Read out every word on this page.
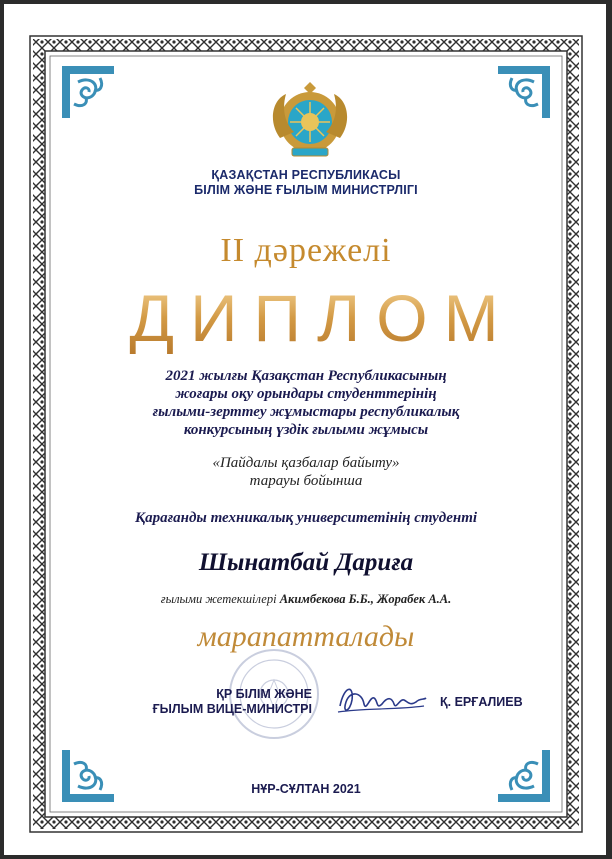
ҚАЗАҚСТАН РЕСПУБЛИКАСЫ
БІЛІМ ЖӘНЕ ҒЫЛЫМ МИНИСТРЛІГІ
II дәрежелі
ДИПЛОМ
2021 жылғы Қазақстан Республикасының
жоғары оқу орындары студенттерінің
ғылыми-зерттеу жұмыстары республикалық
конкурсының үздік ғылыми жұмысы
«Пайдалы қазбалар байыту»
тарауы бойынша
Қарағанды техникалық университетінің студенті
Шынатбай Дариға
ғылыми жетекшілері Акимбекова Б.Б., Жорабек А.А.
марапатталады
ҚР БІЛІМ ЖӘНЕ
ҒЫЛЫМ ВИЦЕ-МИНИСТРІ	Қ. ЕРҒАЛИЕВ
НҰР-СҰЛТАН 2021
